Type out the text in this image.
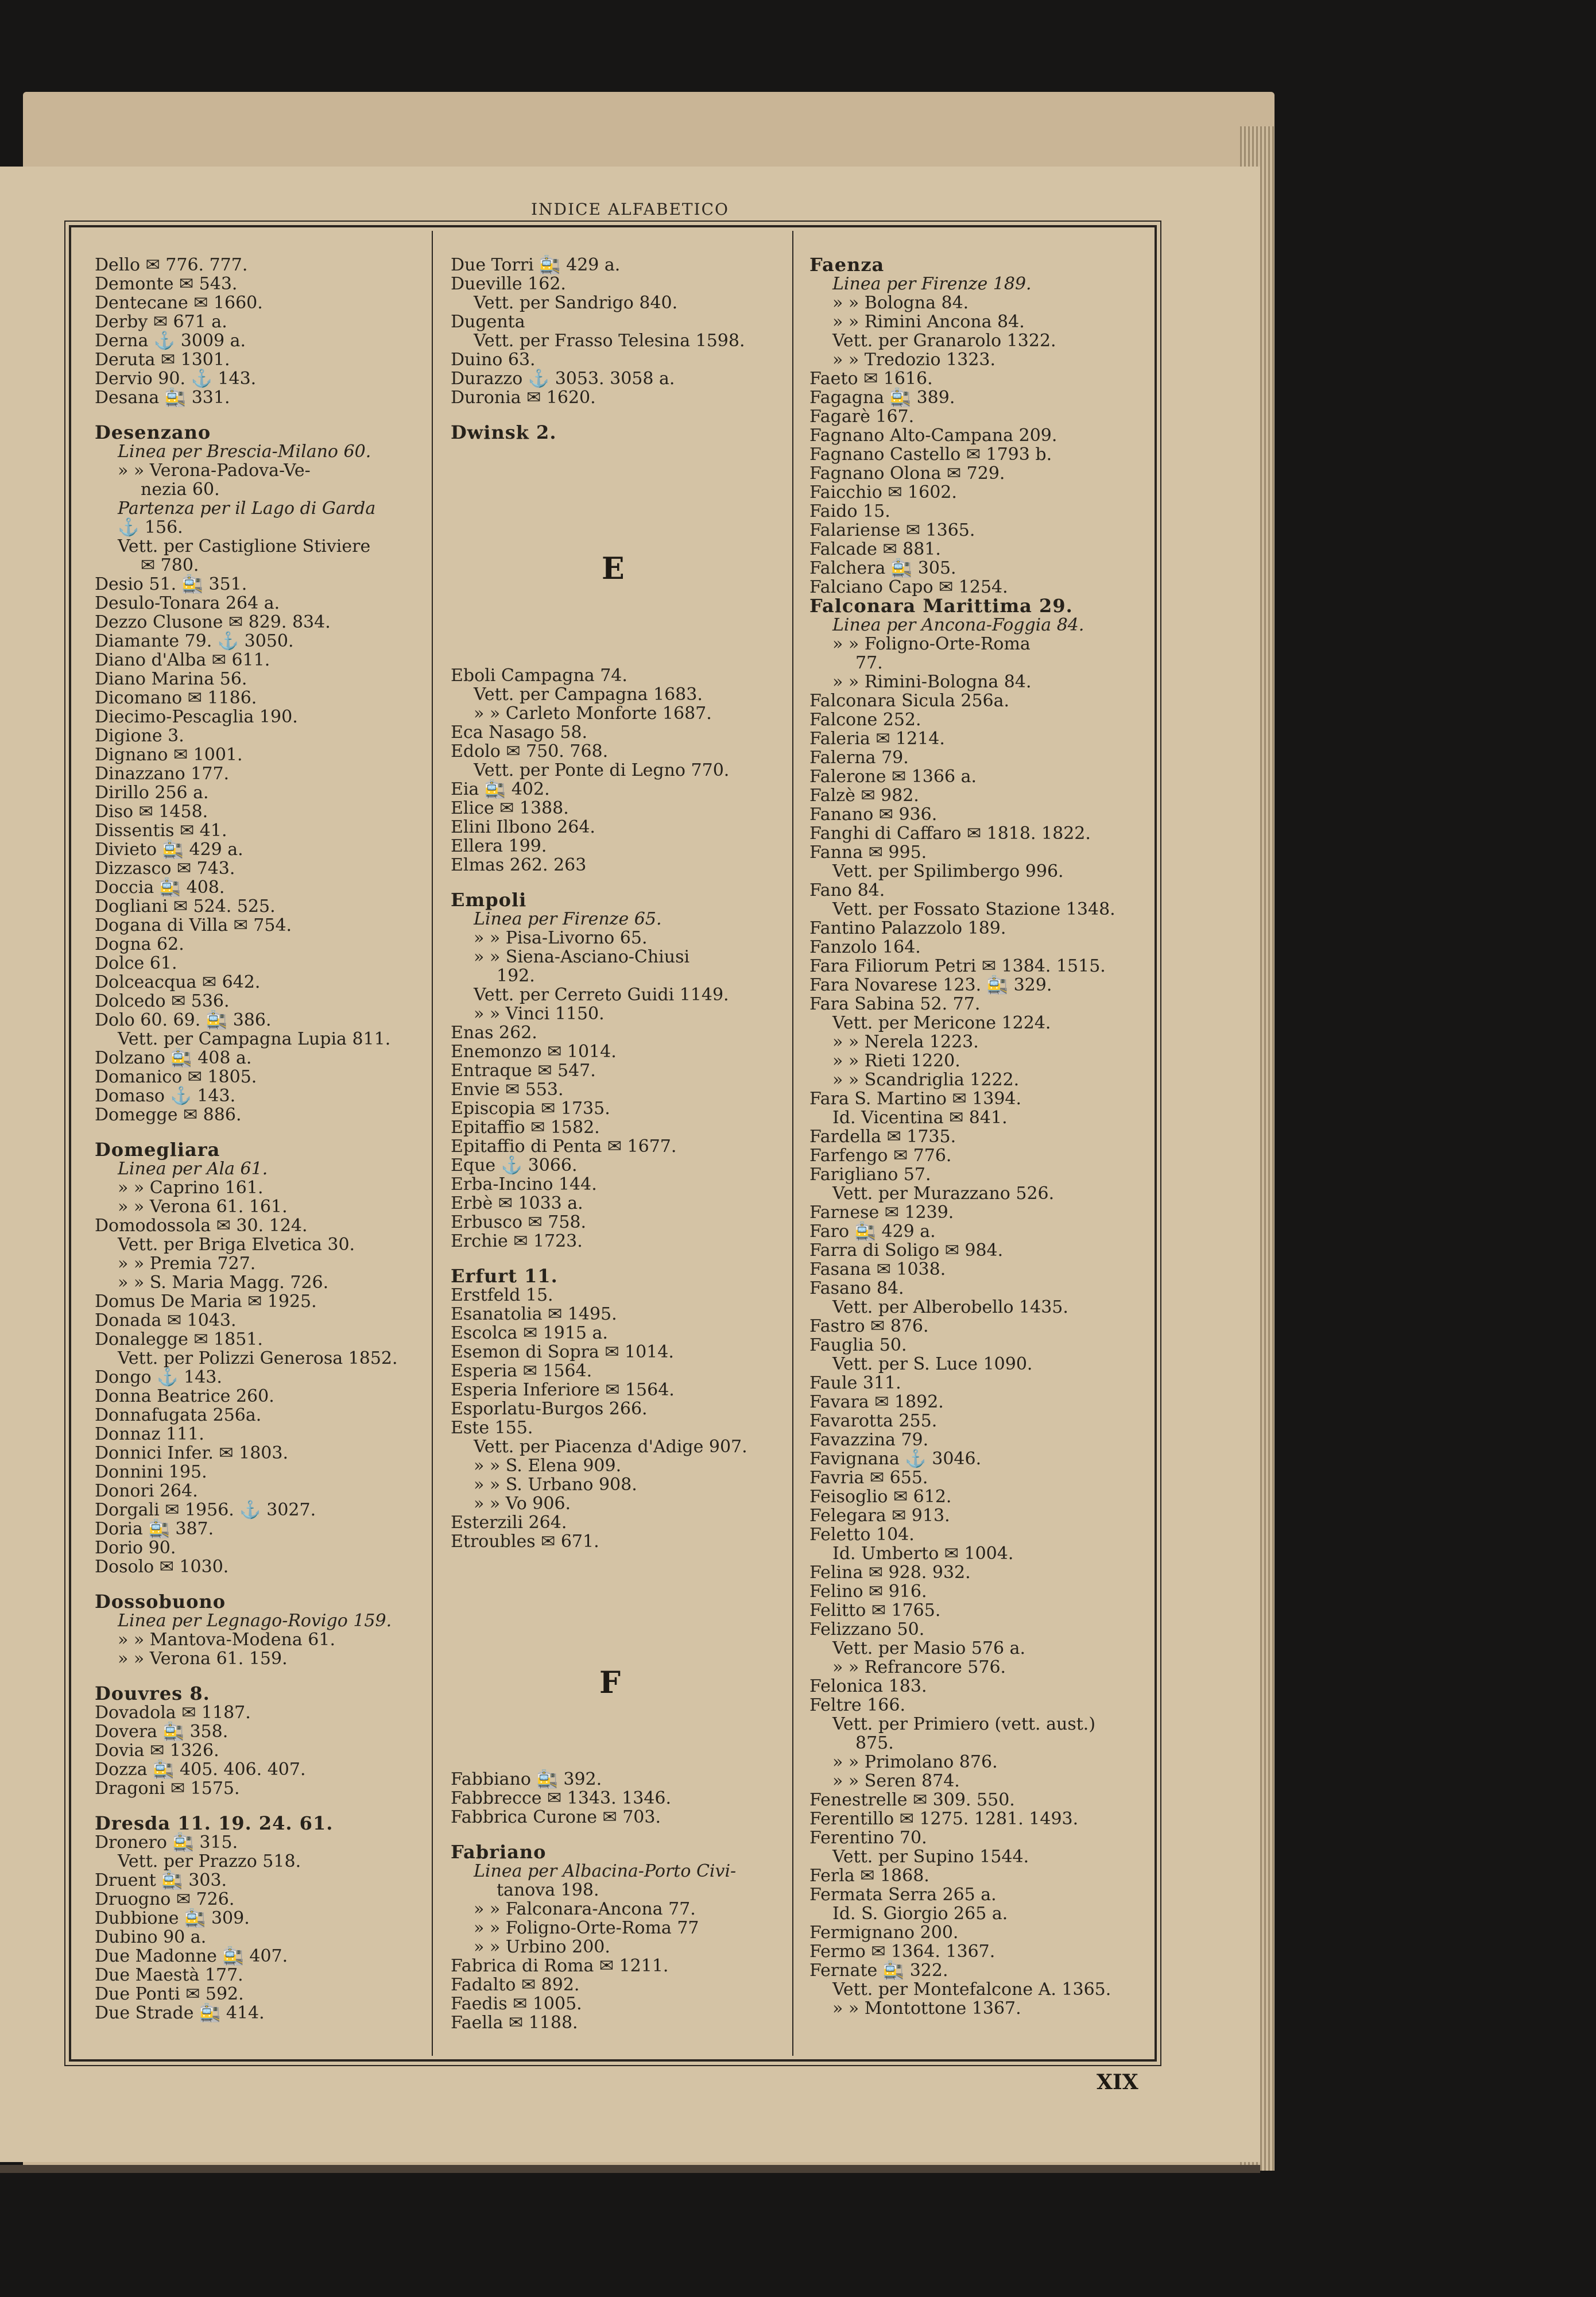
INDICE ALFABETICO
Dello ✉ 776. 777.
Demonte ✉ 543.
Dentecane ✉ 1660.
Derby ✉ 671 a.
Derna ⚓ 3009 a.
Deruta ✉ 1301.
Dervio 90. ⚓ 143.
Desana 🚉 331.
Desenzano
Linea per Brescia-Milano 60.
» » Verona-Padova-Ve-
nezia 60.
Partenza per il Lago di Garda
⚓ 156.
Vett. per Castiglione Stiviere
✉ 780.
Desio 51. 🚉 351.
Desulo-Tonara 264 a.
Dezzo Clusone ✉ 829. 834.
Diamante 79. ⚓ 3050.
Diano d'Alba ✉ 611.
Diano Marina 56.
Dicomano ✉ 1186.
Diecimo-Pescaglia 190.
Digione 3.
Dignano ✉ 1001.
Dinazzano 177.
Dirillo 256 a.
Diso ✉ 1458.
Dissentis ✉ 41.
Divieto 🚉 429 a.
Dizzasco ✉ 743.
Doccia 🚉 408.
Dogliani ✉ 524. 525.
Dogana di Villa ✉ 754.
Dogna 62.
Dolce 61.
Dolceacqua ✉ 642.
Dolcedo ✉ 536.
Dolo 60. 69. 🚉 386.
Vett. per Campagna Lupia 811.
Dolzano 🚉 408 a.
Domanico ✉ 1805.
Domaso ⚓ 143.
Domegge ✉ 886.
Domegliara
Linea per Ala 61.
» » Caprino 161.
» » Verona 61. 161.
Domodossola ✉ 30. 124.
Vett. per Briga Elvetica 30.
» » Premia 727.
» » S. Maria Magg. 726.
Domus De Maria ✉ 1925.
Donada ✉ 1043.
Donalegge ✉ 1851.
Vett. per Polizzi Generosa 1852.
Dongo ⚓ 143.
Donna Beatrice 260.
Donnafugata 256a.
Donnaz 111.
Donnici Infer. ✉ 1803.
Donnini 195.
Donori 264.
Dorgali ✉ 1956. ⚓ 3027.
Doria 🚉 387.
Dorio 90.
Dosolo ✉ 1030.
Dossobuono
Linea per Legnago-Rovigo 159.
» » Mantova-Modena 61.
» » Verona 61. 159.
Douvres 8.
Dovadola ✉ 1187.
Dovera 🚉 358.
Dovia ✉ 1326.
Dozza 🚉 405. 406. 407.
Dragoni ✉ 1575.
Dresda 11. 19. 24. 61.
Dronero 🚉 315.
Vett. per Prazzo 518.
Druent 🚉 303.
Druogno ✉ 726.
Dubbione 🚉 309.
Dubino 90 a.
Due Madonne 🚉 407.
Due Maestà 177.
Due Ponti ✉ 592.
Due Strade 🚉 414.
Due Torri 🚉 429 a.
Dueville 162.
Vett. per Sandrigo 840.
Dugenta
Vett. per Frasso Telesina 1598.
Duino 63.
Durazzo ⚓ 3053. 3058 a.
Duronia ✉ 1620.
Dwinsk 2.
E
Eboli Campagna 74.
Vett. per Campagna 1683.
» » Carleto Monforte 1687.
Eca Nasago 58.
Edolo ✉ 750. 768.
Vett. per Ponte di Legno 770.
Eia 🚉 402.
Elice ✉ 1388.
Elini Ilbono 264.
Ellera 199.
Elmas 262. 263
Empoli
Linea per Firenze 65.
» » Pisa-Livorno 65.
» » Siena-Asciano-Chiusi
192.
Vett. per Cerreto Guidi 1149.
» » Vinci 1150.
Enas 262.
Enemonzo ✉ 1014.
Entraque ✉ 547.
Envie ✉ 553.
Episcopia ✉ 1735.
Epitaffio ✉ 1582.
Epitaffio di Penta ✉ 1677.
Eque ⚓ 3066.
Erba-Incino 144.
Erbè ✉ 1033 a.
Erbusco ✉ 758.
Erchie ✉ 1723.
Erfurt 11.
Erstfeld 15.
Esanatolia ✉ 1495.
Escolca ✉ 1915 a.
Esemon di Sopra ✉ 1014.
Esperia ✉ 1564.
Esperia Inferiore ✉ 1564.
Esporlatu-Burgos 266.
Este 155.
Vett. per Piacenza d'Adige 907.
» » S. Elena 909.
» » S. Urbano 908.
» » Vo 906.
Esterzili 264.
Etroubles ✉ 671.
F
Fabbiano 🚉 392.
Fabbrecce ✉ 1343. 1346.
Fabbrica Curone ✉ 703.
Fabriano
Linea per Albacina-Porto Civi-
tanova 198.
» » Falconara-Ancona 77.
» » Foligno-Orte-Roma 77
» » Urbino 200.
Fabrica di Roma ✉ 1211.
Fadalto ✉ 892.
Faedis ✉ 1005.
Faella ✉ 1188.
Faenza
Linea per Firenze 189.
» » Bologna 84.
» » Rimini Ancona 84.
Vett. per Granarolo 1322.
» » Tredozio 1323.
Faeto ✉ 1616.
Fagagna 🚉 389.
Fagarè 167.
Fagnano Alto-Campana 209.
Fagnano Castello ✉ 1793 b.
Fagnano Olona ✉ 729.
Faicchio ✉ 1602.
Faido 15.
Falariense ✉ 1365.
Falcade ✉ 881.
Falchera 🚉 305.
Falciano Capo ✉ 1254.
Falconara Marittima 29.
Linea per Ancona-Foggia 84.
» » Foligno-Orte-Roma
77.
» » Rimini-Bologna 84.
Falconara Sicula 256a.
Falcone 252.
Faleria ✉ 1214.
Falerna 79.
Falerone ✉ 1366 a.
Falzè ✉ 982.
Fanano ✉ 936.
Fanghi di Caffaro ✉ 1818. 1822.
Fanna ✉ 995.
Vett. per Spilimbergo 996.
Fano 84.
Vett. per Fossato Stazione 1348.
Fantino Palazzolo 189.
Fanzolo 164.
Fara Filiorum Petri ✉ 1384. 1515.
Fara Novarese 123. 🚉 329.
Fara Sabina 52. 77.
Vett. per Mericone 1224.
» » Nerela 1223.
» » Rieti 1220.
» » Scandriglia 1222.
Fara S. Martino ✉ 1394.
Id. Vicentina ✉ 841.
Fardella ✉ 1735.
Farfengo ✉ 776.
Farigliano 57.
Vett. per Murazzano 526.
Farnese ✉ 1239.
Faro 🚉 429 a.
Farra di Soligo ✉ 984.
Fasana ✉ 1038.
Fasano 84.
Vett. per Alberobello 1435.
Fastro ✉ 876.
Fauglia 50.
Vett. per S. Luce 1090.
Faule 311.
Favara ✉ 1892.
Favarotta 255.
Favazzina 79.
Favignana ⚓ 3046.
Favria ✉ 655.
Feisoglio ✉ 612.
Felegara ✉ 913.
Feletto 104.
Id. Umberto ✉ 1004.
Felina ✉ 928. 932.
Felino ✉ 916.
Felitto ✉ 1765.
Felizzano 50.
Vett. per Masio 576 a.
» » Refrancore 576.
Felonica 183.
Feltre 166.
Vett. per Primiero (vett. aust.)
875.
» » Primolano 876.
» » Seren 874.
Fenestrelle ✉ 309. 550.
Ferentillo ✉ 1275. 1281. 1493.
Ferentino 70.
Vett. per Supino 1544.
Ferla ✉ 1868.
Fermata Serra 265 a.
Id. S. Giorgio 265 a.
Fermignano 200.
Fermo ✉ 1364. 1367.
Fernate 🚉 322.
Vett. per Montefalcone A. 1365.
» » Montottone 1367.
XIX
